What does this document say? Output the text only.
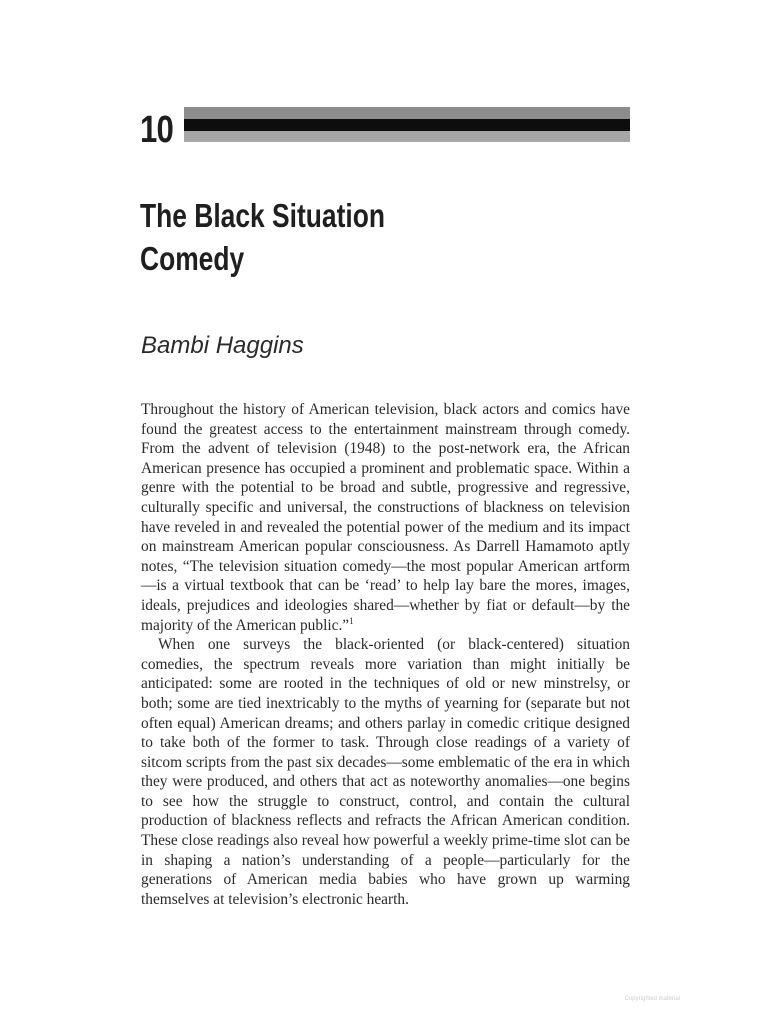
10
The Black Situation
Comedy
Bambi Haggins

Throughout the history of American television, black actors and comics have found the greatest access to the entertainment mainstream through comedy. From the advent of television (1948) to the post-network era, the African American presence has occupied a prominent and problematic space. Within a genre with the potential to be broad and subtle, progressive and regressive, culturally specific and universal, the constructions of blackness on television have reveled in and revealed the potential power of the medium and its impact on mainstream American popular consciousness. As Darrell Hamamoto aptly notes, “The television situation comedy—the most popular American artform—is a virtual textbook that can be ‘read’ to help lay bare the mores, images, ideals, prejudices and ideologies shared—whether by fiat or default—by the majority of the American public.”$^1$

When one surveys the black-oriented (or black-centered) situation comedies, the spectrum reveals more variation than might initially be anticipated: some are rooted in the techniques of old or new minstrelsy, or both; some are tied inextricably to the myths of yearning for (separate but not often equal) American dreams; and others parlay in comedic critique designed to take both of the former to task. Through close readings of a variety of sitcom scripts from the past six decades—some emblematic of the era in which they were produced, and others that act as noteworthy anomalies—one begins to see how the struggle to construct, control, and contain the cultural production of blackness reflects and refracts the African American condition. These close readings also reveal how powerful a weekly prime-time slot can be in shaping a nation’s understanding of a people—particularly for the generations of American media babies who have grown up warming themselves at television’s electronic hearth.

Copyrighted material
